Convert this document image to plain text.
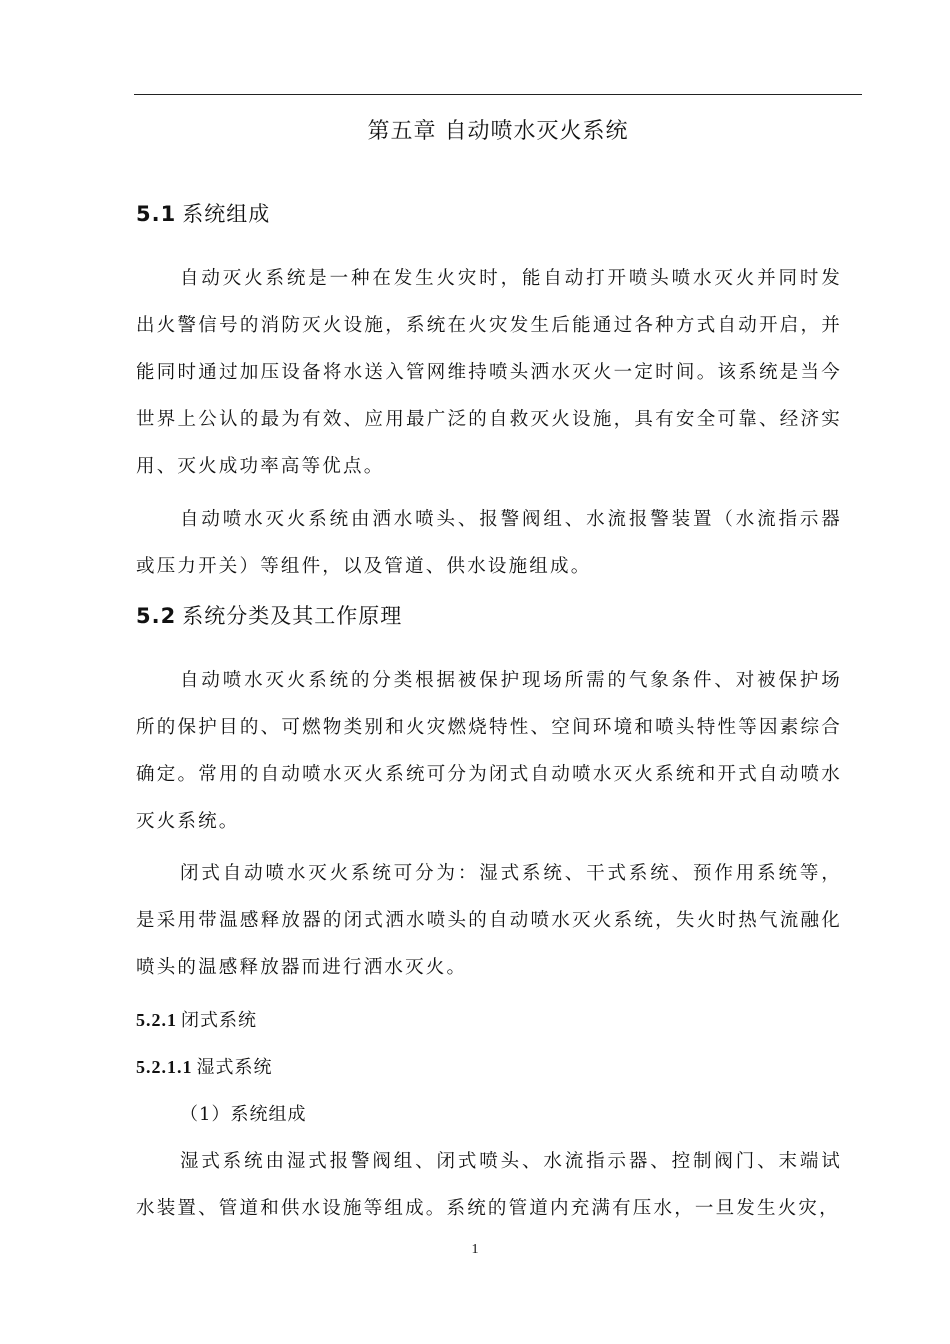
第五章 自动喷水灭火系统
5.1 系统组成
自动灭火系统是一种在发生火灾时，能自动打开喷头喷水灭火并同时发出火警信号的消防灭火设施，系统在火灾发生后能通过各种方式自动开启，并能同时通过加压设备将水送入管网维持喷头洒水灭火一定时间。该系统是当今世界上公认的最为有效、应用最广泛的自救灭火设施，具有安全可靠、经济实用、灭火成功率高等优点。
自动喷水灭火系统由洒水喷头、报警阀组、水流报警装置（水流指示器或压力开关）等组件，以及管道、供水设施组成。
5.2 系统分类及其工作原理
自动喷水灭火系统的分类根据被保护现场所需的气象条件、对被保护场所的保护目的、可燃物类别和火灾燃烧特性、空间环境和喷头特性等因素综合确定。常用的自动喷水灭火系统可分为闭式自动喷水灭火系统和开式自动喷水灭火系统。
闭式自动喷水灭火系统可分为：湿式系统、干式系统、预作用系统等，是采用带温感释放器的闭式洒水喷头的自动喷水灭火系统，失火时热气流融化喷头的温感释放器而进行洒水灭火。
5.2.1 闭式系统
5.2.1.1 湿式系统
（1）系统组成
湿式系统由湿式报警阀组、闭式喷头、水流指示器、控制阀门、末端试水装置、管道和供水设施等组成。系统的管道内充满有压水，一旦发生火灾，
1
